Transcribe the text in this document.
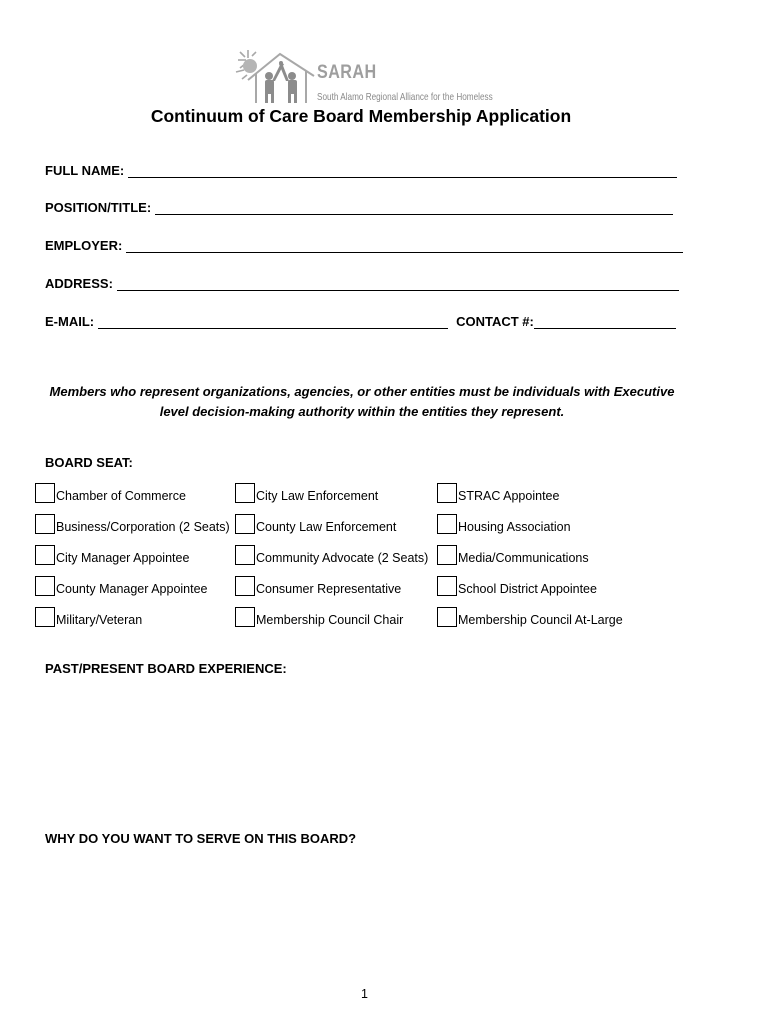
SARAH
South Alamo Regional Alliance for the Homeless
Continuum of Care Board Membership Application
FULL NAME:
POSITION/TITLE:
EMPLOYER:
ADDRESS:
E-MAIL:	CONTACT #:
Members who represent organizations, agencies, or other entities must be individuals with Executive
level decision-making authority within the entities they represent.
BOARD SEAT:
Chamber of Commerce
Business/Corporation (2 Seats)
City Manager Appointee
County Manager Appointee
Military/Veteran
City Law Enforcement
County Law Enforcement
Community Advocate (2 Seats)
Consumer Representative
Membership Council Chair
STRAC Appointee
Housing Association
Media/Communications
School District Appointee
Membership Council At-Large
PAST/PRESENT BOARD EXPERIENCE:
WHY DO YOU WANT TO SERVE ON THIS BOARD?
1
